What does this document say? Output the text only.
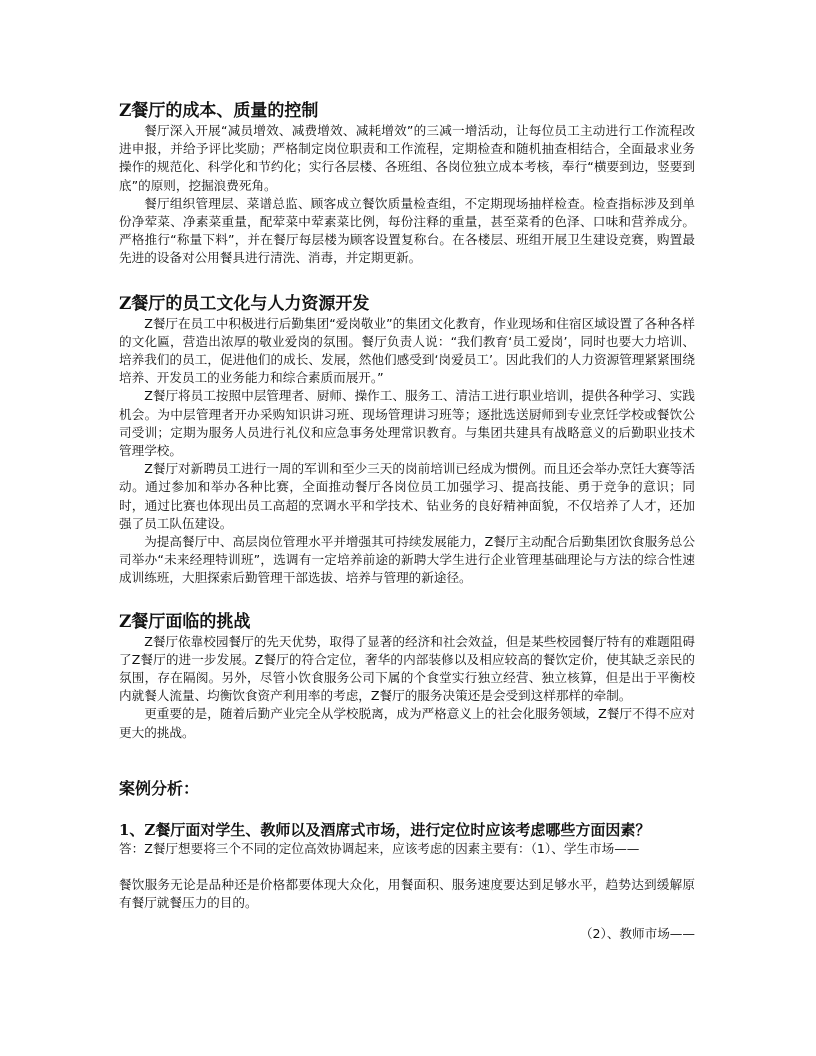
Z餐厅的成本、质量的控制

餐厅深入开展“减员增效、减费增效、减耗增效”的三减一增活动，让每位员工主动进行工作流程改进申报，并给予评比奖励；严格制定岗位职责和工作流程，定期检查和随机抽查相结合，全面最求业务操作的规范化、科学化和节约化；实行各层楼、各班组、各岗位独立成本考核，奉行“横要到边，竖要到底”的原则，挖掘浪费死角。

餐厅组织管理层、菜谱总监、顾客成立餐饮质量检查组，不定期现场抽样检查。检查指标涉及到单份净荤菜、净素菜重量，配荤菜中荤素菜比例，每份注释的重量，甚至菜肴的色泽、口味和营养成分。严格推行“称量下料”，并在餐厅每层楼为顾客设置复称台。在各楼层、班组开展卫生建设竞赛，购置最先进的设备对公用餐具进行清洗、消毒，并定期更新。

Z餐厅的员工文化与人力资源开发

Z餐厅在员工中积极进行后勤集团“爱岗敬业”的集团文化教育，作业现场和住宿区域设置了各种各样的文化匾，营造出浓厚的敬业爱岗的氛围。餐厅负责人说：“我们教育‘员工爱岗’，同时也要大力培训、培养我们的员工，促进他们的成长、发展，然他们感受到‘岗爱员工’。因此我们的人力资源管理紧紧围绕培养、开发员工的业务能力和综合素质而展开。”

Z餐厅将员工按照中层管理者、厨师、操作工、服务工、清洁工进行职业培训，提供各种学习、实践机会。为中层管理者开办采购知识讲习班、现场管理讲习班等；逐批选送厨师到专业烹饪学校或餐饮公司受训；定期为服务人员进行礼仪和应急事务处理常识教育。与集团共建具有战略意义的后勤职业技术管理学校。

Z餐厅对新聘员工进行一周的军训和至少三天的岗前培训已经成为惯例。而且还会举办烹饪大赛等活动。通过参加和举办各种比赛，全面推动餐厅各岗位员工加强学习、提高技能、勇于竞争的意识；同时，通过比赛也体现出员工高超的烹调水平和学技术、钻业务的良好精神面貌，不仅培养了人才，还加强了员工队伍建设。

为提高餐厅中、高层岗位管理水平并增强其可持续发展能力，Z餐厅主动配合后勤集团饮食服务总公司举办“未来经理特训班”，选调有一定培养前途的新聘大学生进行企业管理基础理论与方法的综合性速成训练班，大胆探索后勤管理干部选拔、培养与管理的新途径。

Z餐厅面临的挑战

Z餐厅依靠校园餐厅的先天优势，取得了显著的经济和社会效益，但是某些校园餐厅特有的难题阻碍了Z餐厅的进一步发展。Z餐厅的符合定位，奢华的内部装修以及相应较高的餐饮定价，使其缺乏亲民的氛围，存在隔阂。另外，尽管小饮食服务公司下属的个食堂实行独立经营、独立核算，但是出于平衡校内就餐人流量、均衡饮食资产利用率的考虑，Z餐厅的服务决策还是会受到这样那样的牵制。

更重要的是，随着后勤产业完全从学校脱离，成为严格意义上的社会化服务领域，Z餐厅不得不应对更大的挑战。

案例分析：
1、Z餐厅面对学生、教师以及酒席式市场，进行定位时应该考虑哪些方面因素？

答：Z餐厅想要将三个不同的定位高效协调起来，应该考虑的因素主要有：（1）、学生市场——

餐饮服务无论是品种还是价格都要体现大众化，用餐面积、服务速度要达到足够水平，趋势达到缓解原有餐厅就餐压力的目的。

（2）、教师市场——
